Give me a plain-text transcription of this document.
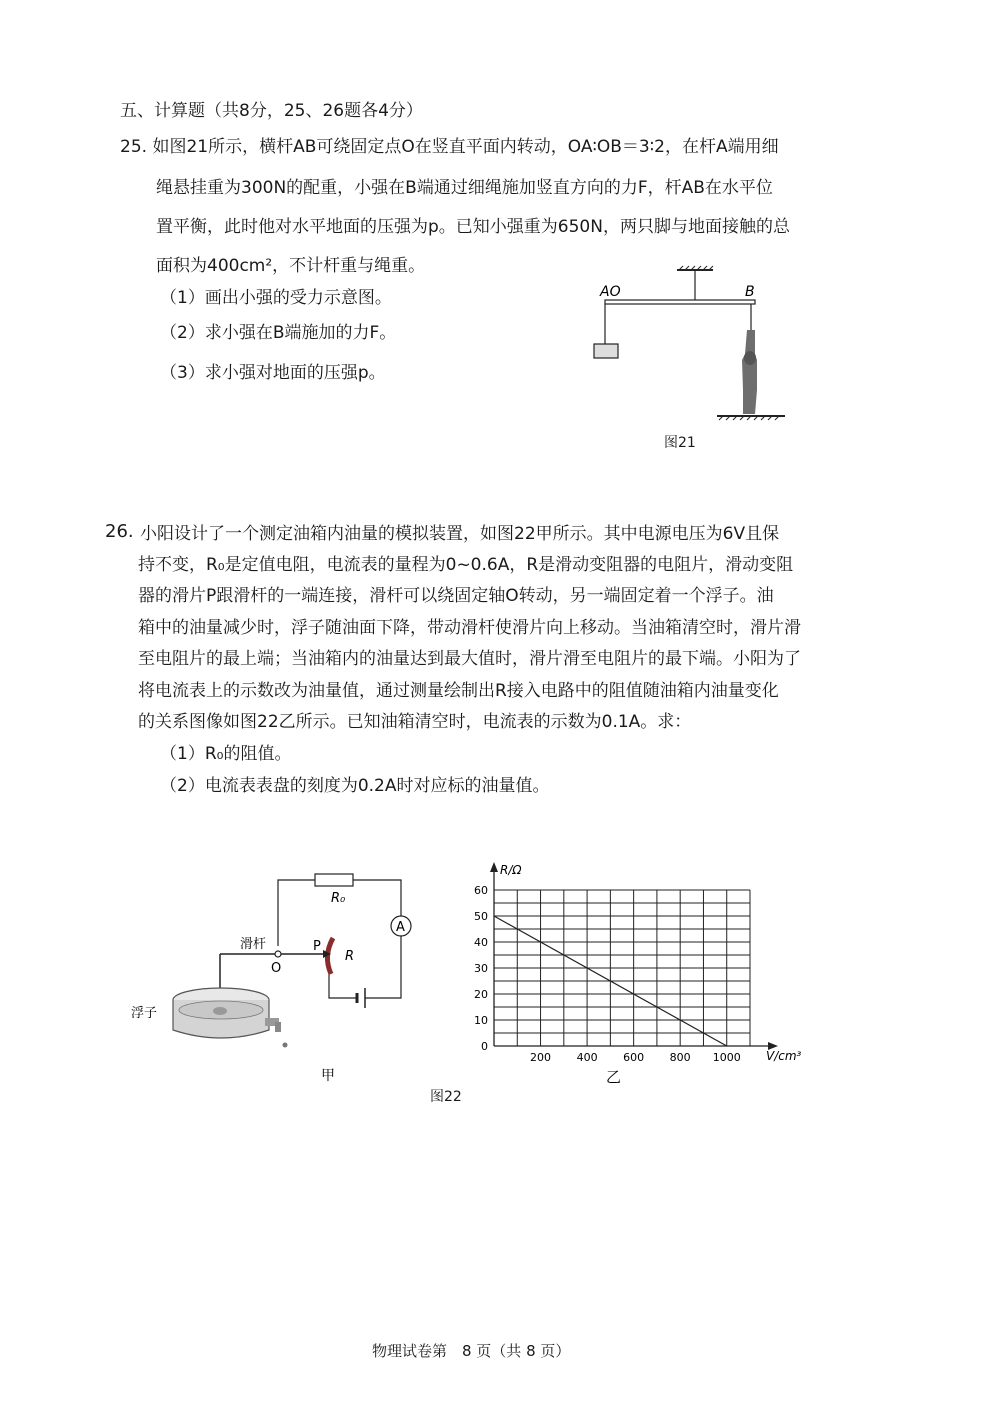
五、计算题（共8分，25、26题各4分）
25. 如图21所示，横杆AB可绕固定点O在竖直平面内转动，OA∶OB＝3∶2，在杆A端用细
绳悬挂重为300N的配重，小强在B端通过细绳施加竖直方向的力F，杆AB在水平位
置平衡，此时他对水平地面的压强为p。已知小强重为650N，两只脚与地面接触的总
面积为400cm²，不计杆重与绳重。
（1）画出小强的受力示意图。
（2）求小强在B端施加的力F。
（3）求小强对地面的压强p。
AO	B
图21
26. 小阳设计了一个测定油箱内油量的模拟装置，如图22甲所示。其中电源电压为6V且保
持不变，R₀是定值电阻，电流表的量程为0~0.6A，R是滑动变阻器的电阻片，滑动变阻
器的滑片P跟滑杆的一端连接，滑杆可以绕固定轴O转动，另一端固定着一个浮子。油
箱中的油量减少时，浮子随油面下降，带动滑杆使滑片向上移动。当油箱清空时，滑片滑
至电阻片的最上端；当油箱内的油量达到最大值时，滑片滑至电阻片的最下端。小阳为了
将电流表上的示数改为油量值，通过测量绘制出R接入电路中的阻值随油箱内油量变化
的关系图像如图22乙所示。已知油箱清空时，电流表的示数为0.1A。求：
（1）R₀的阻值。
（2）电流表表盘的刻度为0.2A时对应标的油量值。
A
R₀
滑杆
O
P
R
浮子
甲
0
10
20
30
40
50
60
200 400 600 800 1000
R/Ω
V/cm³
乙
图22
物理试卷第　8 页（共 8 页）
